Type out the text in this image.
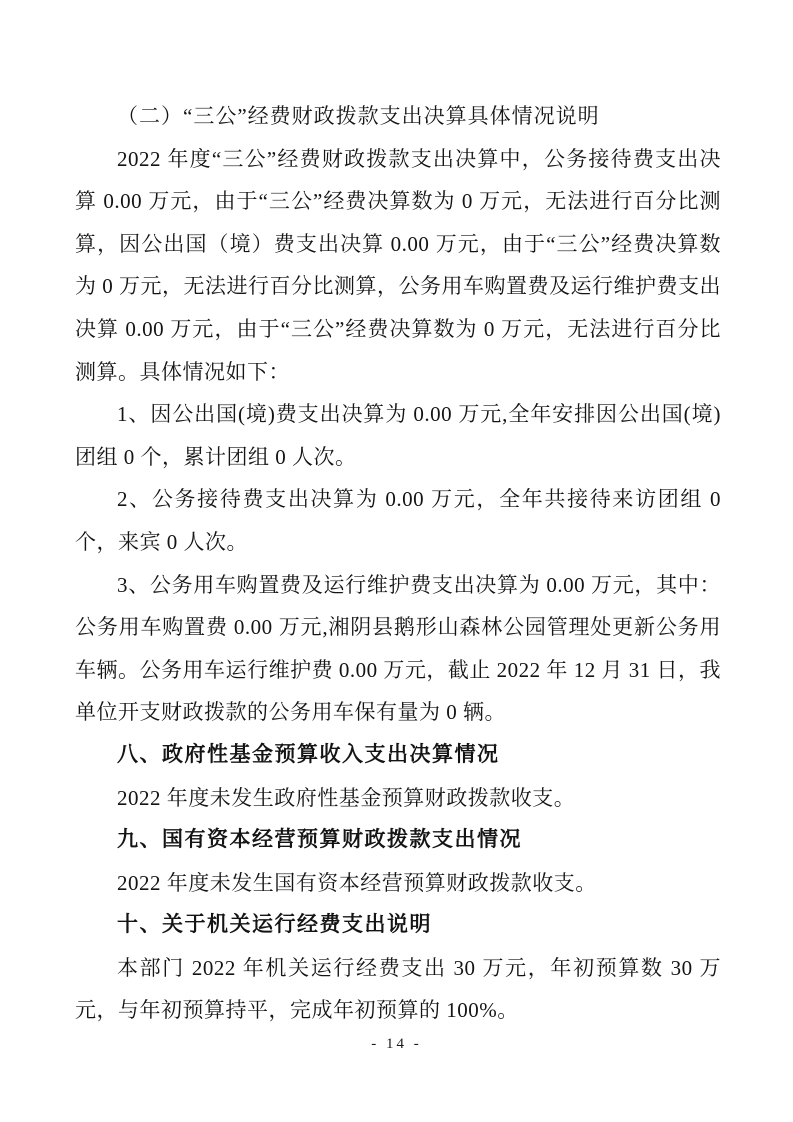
（二）“三公”经费财政拨款支出决算具体情况说明

2022 年度“三公”经费财政拨款支出决算中，公务接待费支出决算 0.00 万元，由于“三公”经费决算数为 0 万元，无法进行百分比测算，因公出国（境）费支出决算 0.00 万元，由于“三公”经费决算数为 0 万元，无法进行百分比测算，公务用车购置费及运行维护费支出决算 0.00 万元，由于“三公”经费决算数为 0 万元，无法进行百分比测算。具体情况如下：

1、因公出国(境)费支出决算为 0.00 万元,全年安排因公出国(境)团组 0 个，累计团组 0 人次。

2、公务接待费支出决算为 0.00 万元，全年共接待来访团组 0 个，来宾 0 人次。

3、公务用车购置费及运行维护费支出决算为 0.00 万元，其中：公务用车购置费 0.00 万元,湘阴县鹅形山森林公园管理处更新公务用车辆。公务用车运行维护费 0.00 万元，截止 2022 年 12 月 31 日，我单位开支财政拨款的公务用车保有量为 0 辆。

八、政府性基金预算收入支出决算情况

2022 年度未发生政府性基金预算财政拨款收支。

九、国有资本经营预算财政拨款支出情况

2022 年度未发生国有资本经营预算财政拨款收支。

十、关于机关运行经费支出说明

本部门 2022 年机关运行经费支出 30 万元，年初预算数 30 万元，与年初预算持平，完成年初预算的 100%。

- 14 -
